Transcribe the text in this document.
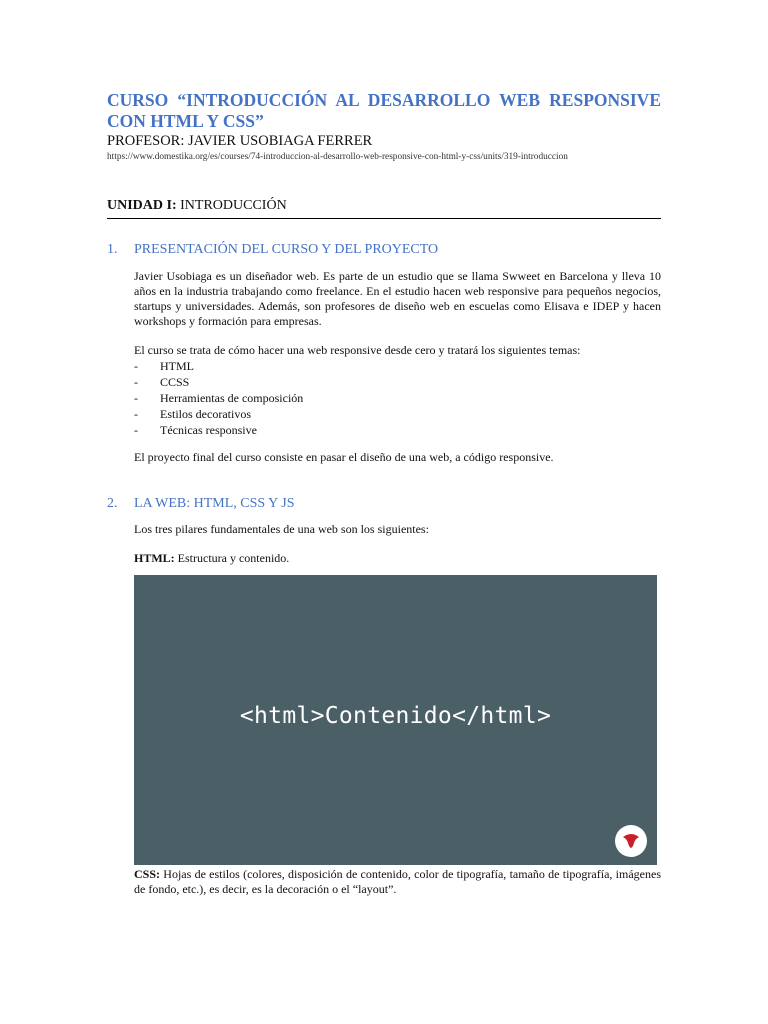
CURSO “INTRODUCCIÓN AL DESARROLLO WEB RESPONSIVE CON HTML Y CSS”

PROFESOR: JAVIER USOBIAGA FERRER

https://www.domestika.org/es/courses/74-introduccion-al-desarrollo-web-responsive-con-html-y-css/units/319-introduccion

UNIDAD I: INTRODUCCIÓN
1.	PRESENTACIÓN DEL CURSO Y DEL PROYECTO

Javier Usobiaga es un diseñador web. Es parte de un estudio que se llama Swweet en Barcelona y lleva 10 años en la industria trabajando como freelance. En el estudio hacen web responsive para pequeños negocios, startups y universidades. Además, son profesores de diseño web en escuelas como Elisava e IDEP y hacen workshops y formación para empresas.

El curso se trata de cómo hacer una web responsive desde cero y tratará los siguientes temas:

-	HTML
-	CCSS
-	Herramientas de composición
-	Estilos decorativos
-	Técnicas responsive

El proyecto final del curso consiste en pasar el diseño de una web, a código responsive.

2.	LA WEB: HTML, CSS Y JS

Los tres pilares fundamentales de una web son los siguientes:

HTML: Estructura y contenido.

<html>Contenido</html>

CSS: Hojas de estilos (colores, disposición de contenido, color de tipografía, tamaño de tipografía, imágenes de fondo, etc.), es decir, es la decoración o el “layout”.
